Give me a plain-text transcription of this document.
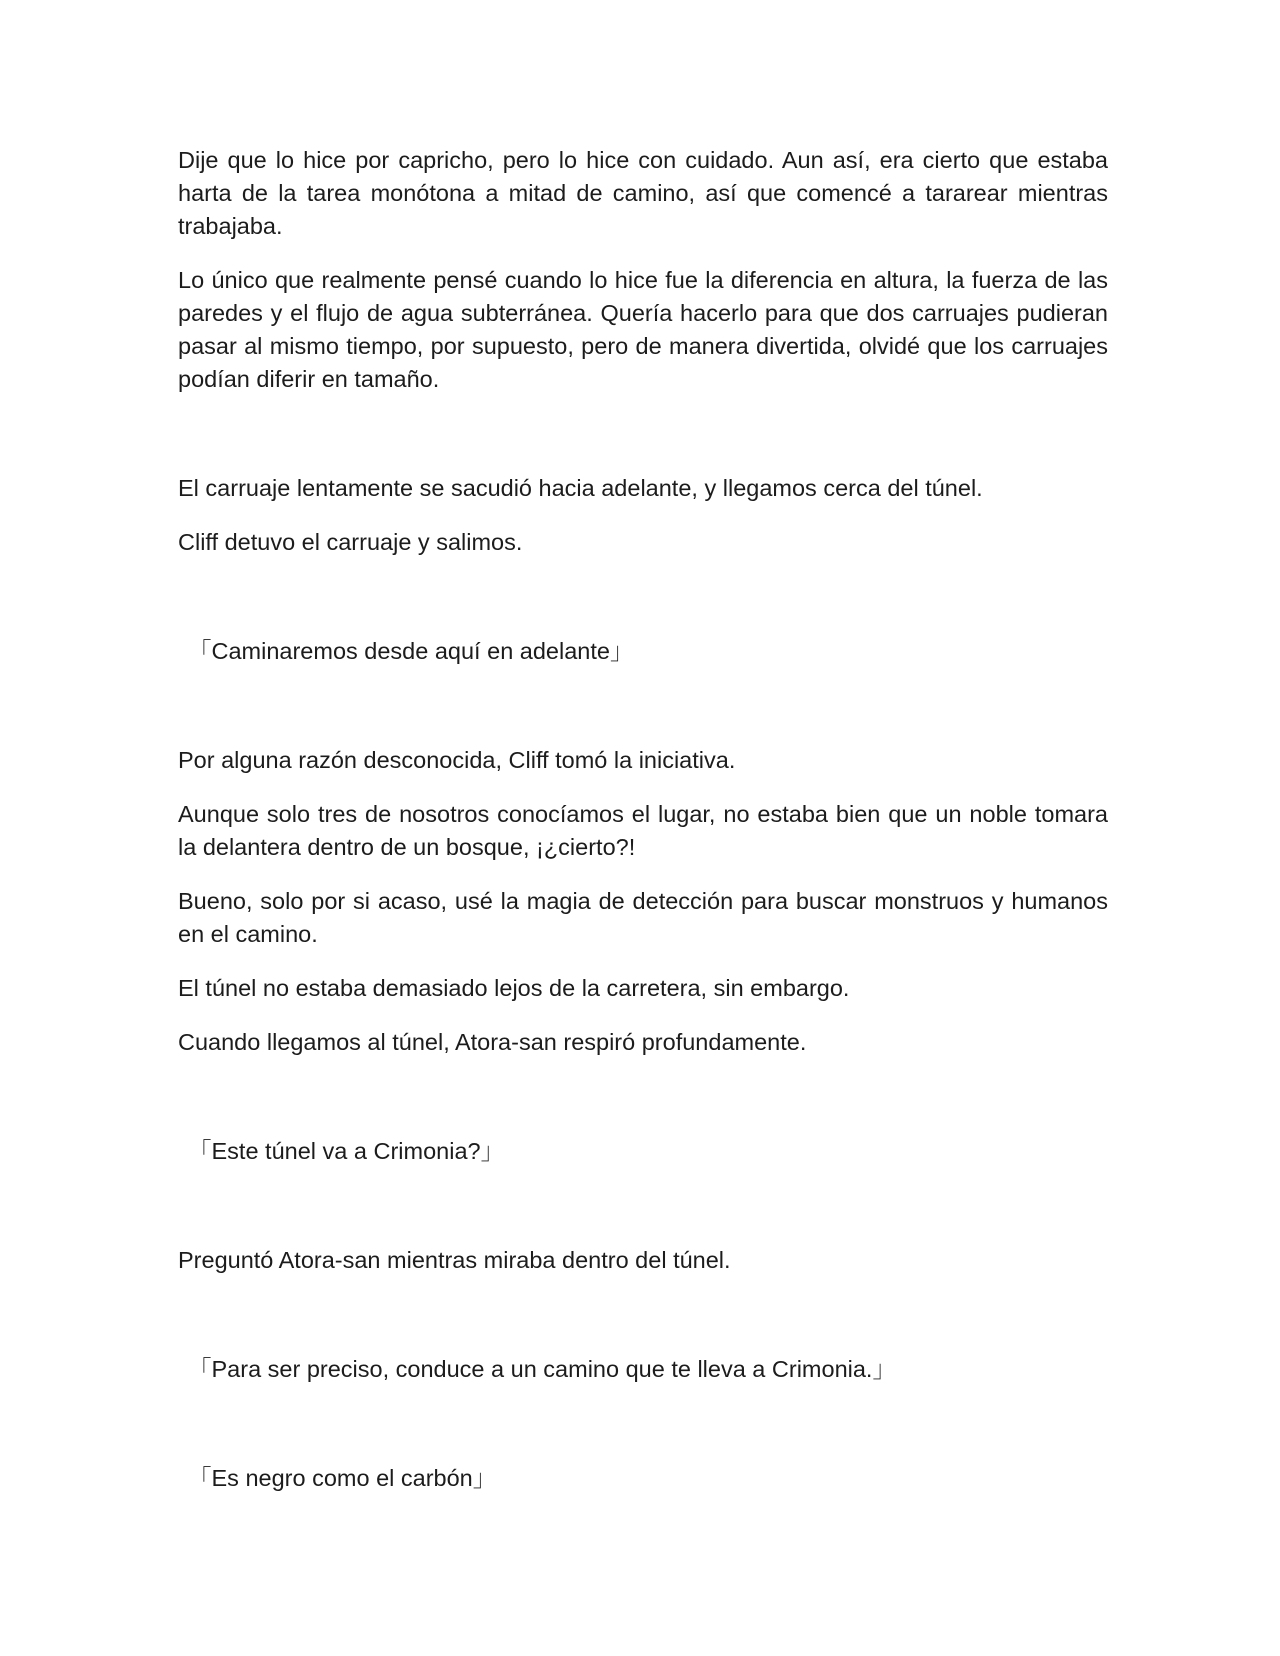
Dije que lo hice por capricho, pero lo hice con cuidado. Aun así, era cierto que estaba harta de la tarea monótona a mitad de camino, así que comencé a tararear mientras trabajaba.

Lo único que realmente pensé cuando lo hice fue la diferencia en altura, la fuerza de las paredes y el flujo de agua subterránea. Quería hacerlo para que dos carruajes pudieran pasar al mismo tiempo, por supuesto, pero de manera divertida, olvidé que los carruajes podían diferir en tamaño.

El carruaje lentamente se sacudió hacia adelante, y llegamos cerca del túnel.

Cliff detuvo el carruaje y salimos.

「Caminaremos desde aquí en adelante」

Por alguna razón desconocida, Cliff tomó la iniciativa.

Aunque solo tres de nosotros conocíamos el lugar, no estaba bien que un noble tomara la delantera dentro de un bosque, ¡¿cierto?!

Bueno, solo por si acaso, usé la magia de detección para buscar monstruos y humanos en el camino.

El túnel no estaba demasiado lejos de la carretera, sin embargo.

Cuando llegamos al túnel, Atora-san respiró profundamente.

「Este túnel va a Crimonia?」

Preguntó Atora-san mientras miraba dentro del túnel.

「Para ser preciso, conduce a un camino que te lleva a Crimonia.」

「Es negro como el carbón」
